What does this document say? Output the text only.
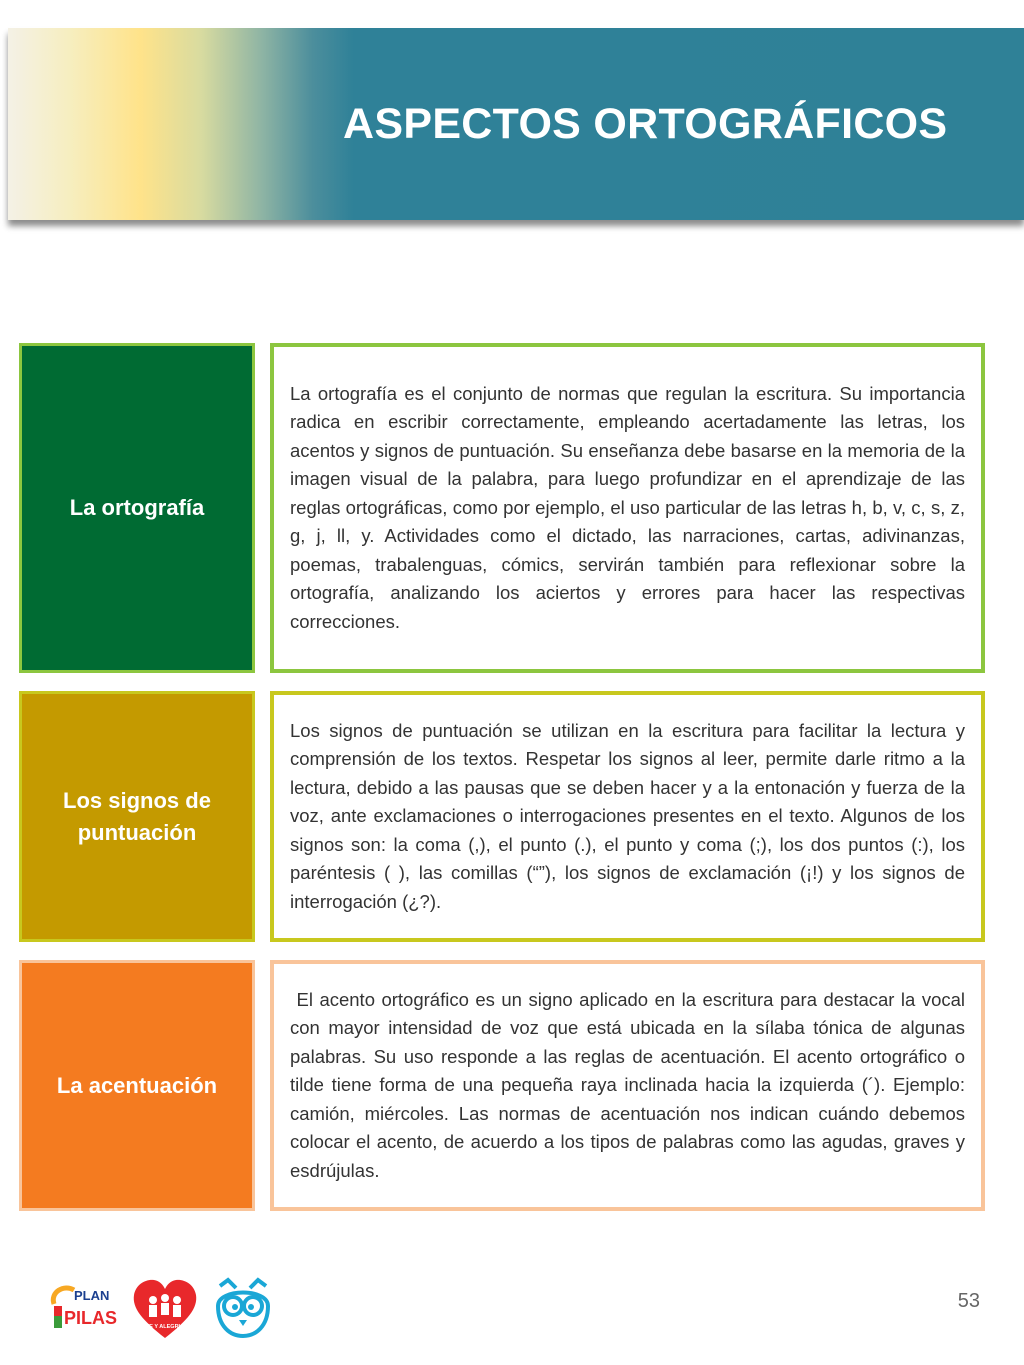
ASPECTOS ORTOGRÁFICOS
La ortografía

La ortografía es el conjunto de normas que regulan la escritura. Su importancia radica en escribir correctamente, empleando acertadamente las letras, los acentos y signos de puntuación. Su enseñanza debe basarse en la memoria de la imagen visual de la palabra, para luego profundizar en el aprendizaje de las reglas ortográficas, como por ejemplo, el uso particular de las letras h, b, v, c, s, z, g, j, ll, y. Actividades como el dictado, las narraciones, cartas, adivinanzas, poemas, trabalenguas, cómics, servirán también para reflexionar sobre la ortografía, analizando los aciertos y errores para hacer las respectivas correcciones.

Los signos de puntuación

Los signos de puntuación se utilizan en la escritura para facilitar la lectura y comprensión de los textos. Respetar los signos al leer, permite darle ritmo a la lectura, debido a las pausas que se deben hacer y a la entonación y fuerza de la voz, ante exclamaciones o interrogaciones presentes en el texto. Algunos de los signos son: la coma (,), el punto (.), el punto y coma (;), los dos puntos (:), los paréntesis ( ), las comillas (“”), los signos de exclamación (¡!) y los signos de interrogación (¿?).

La acentuación

El acento ortográfico es un signo aplicado en la escritura para destacar la vocal con mayor intensidad de voz que está ubicada en la sílaba tónica de algunas palabras. Su uso responde a las reglas de acentuación. El acento ortográfico o tilde tiene forma de una pequeña raya inclinada hacia la izquierda (´). Ejemplo: camión, miércoles. Las normas de acentuación nos indican cuándo debemos colocar el acento, de acuerdo a los tipos de palabras como las agudas, graves y esdrújulas.

PLAN
PILAS	FE Y ALEGRIA
53
